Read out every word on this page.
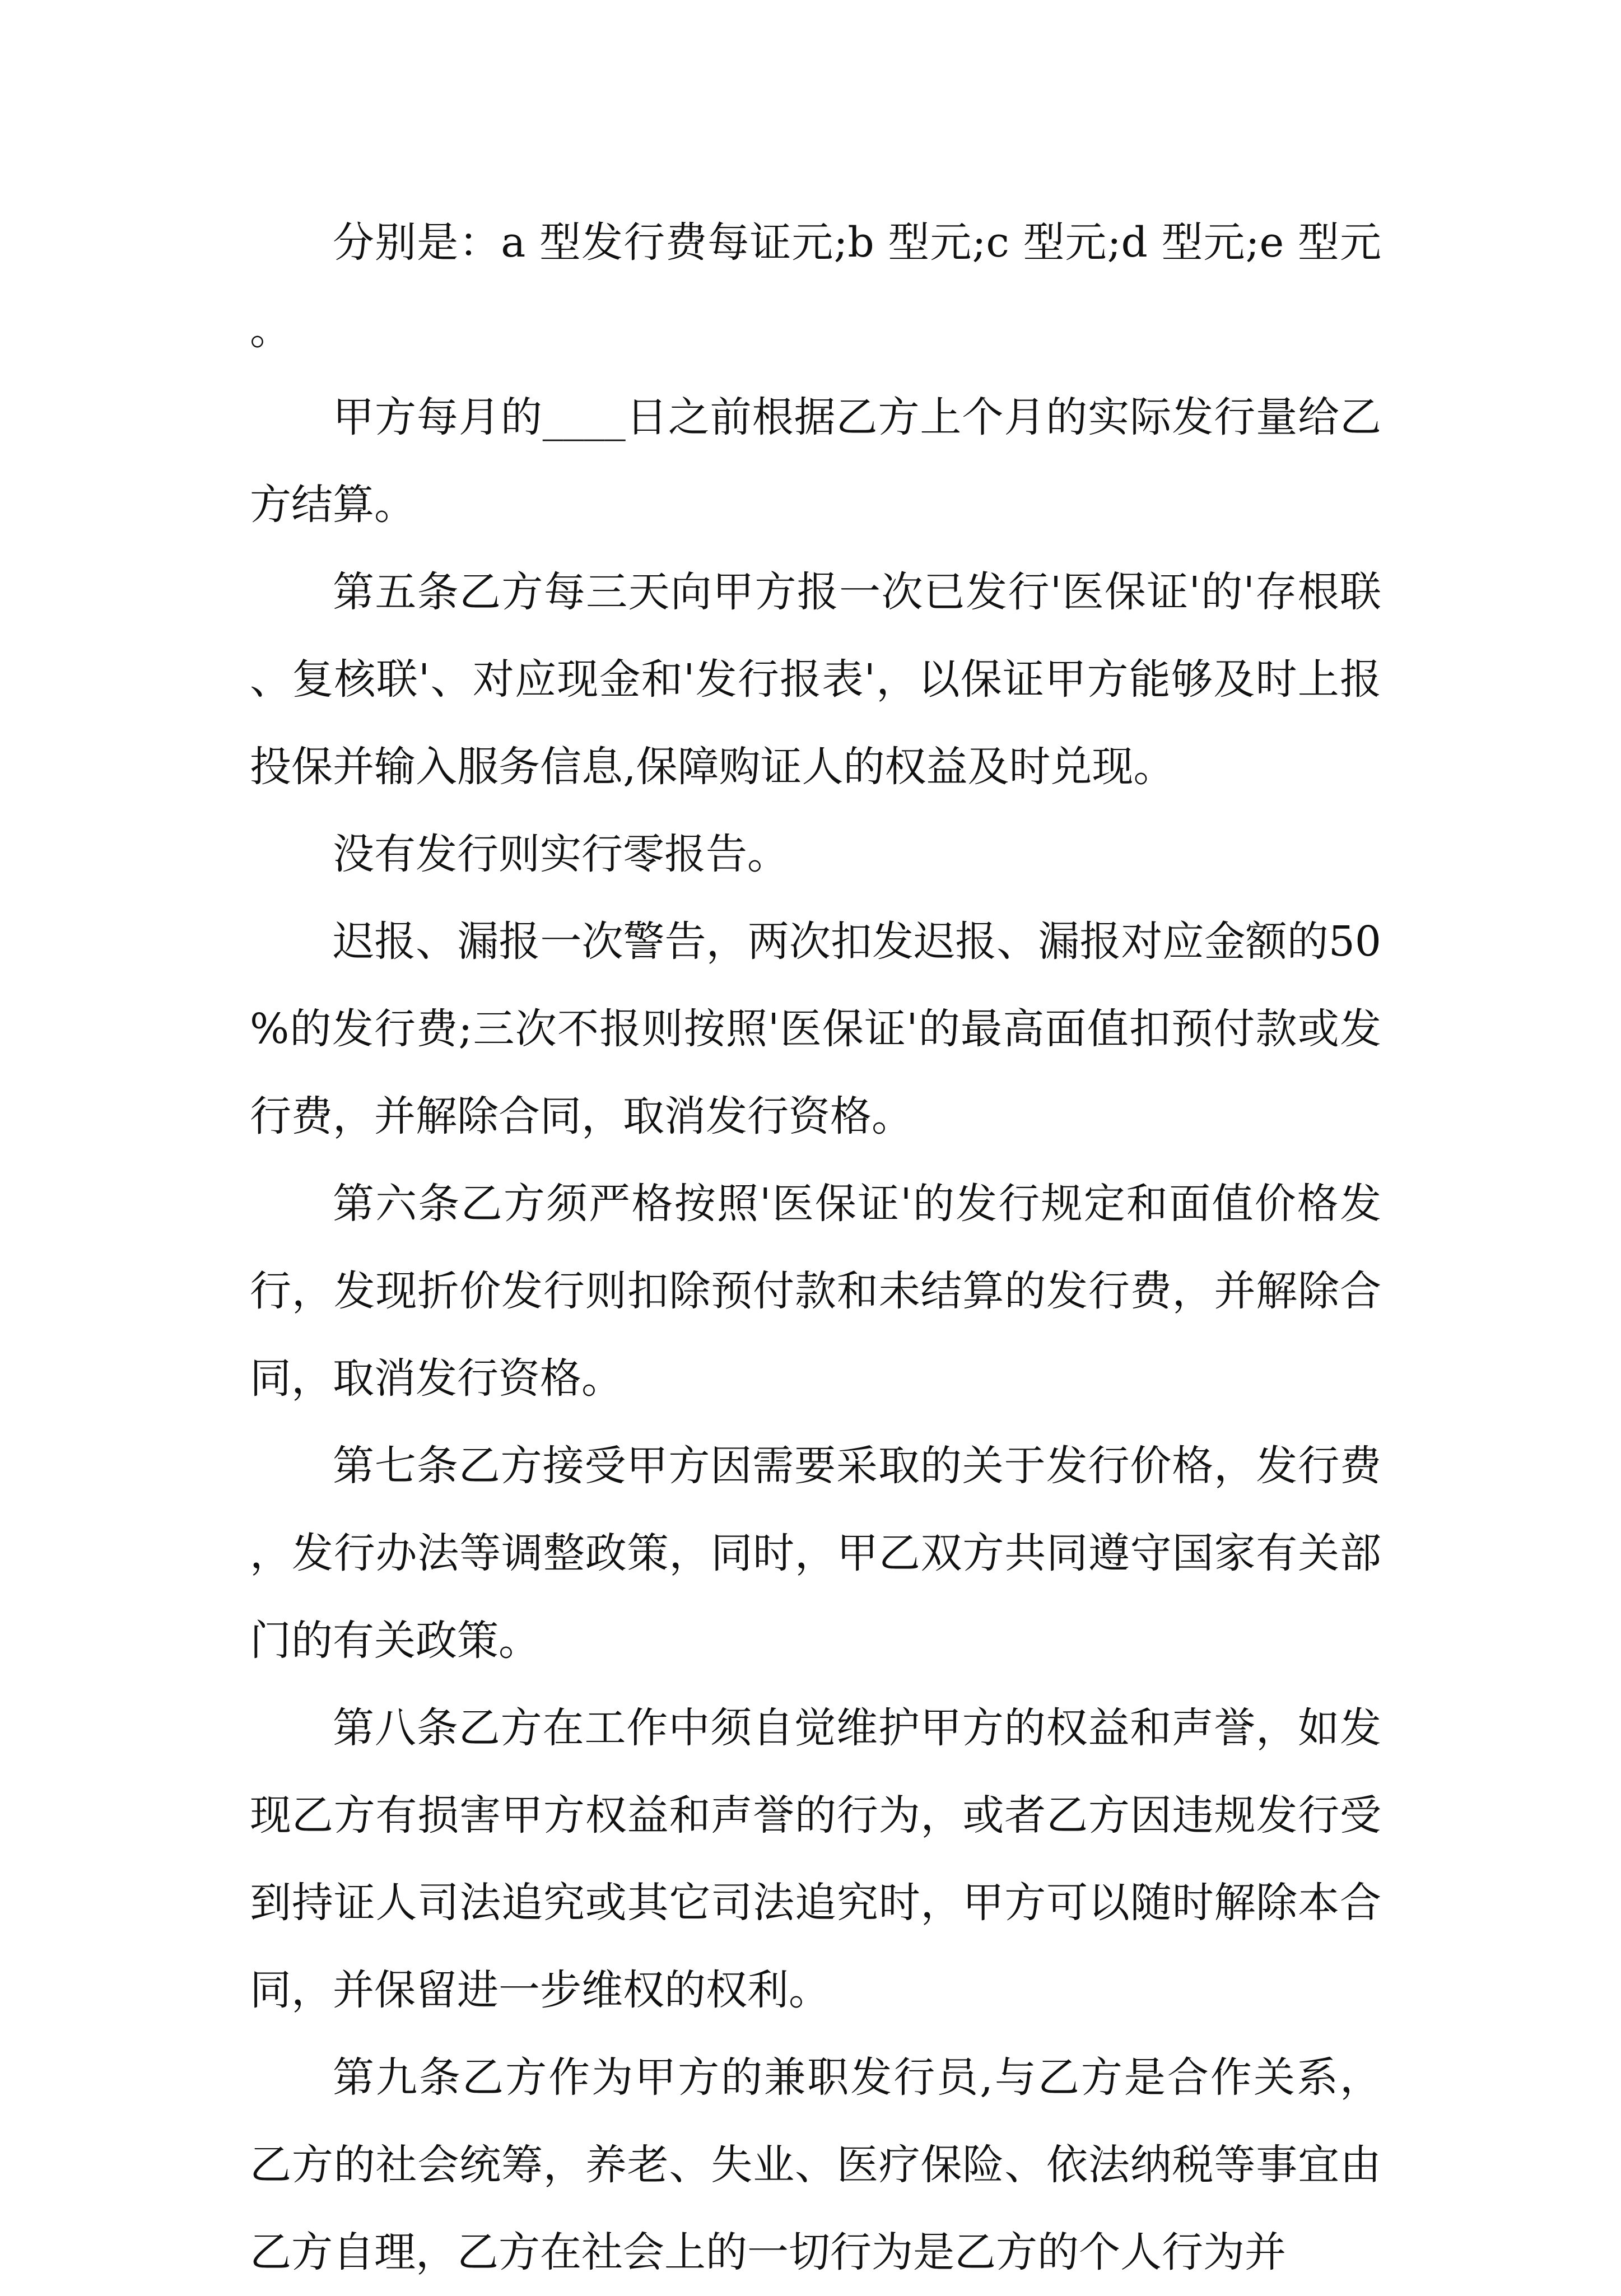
分别是：a 型发行费每证元;b 型元;c 型元;d 型元;e 型元。

甲方每月的____日之前根据乙方上个月的实际发行量给乙方结算。

第五条乙方每三天向甲方报一次已发行'医保证'的'存根联、复核联'、对应现金和'发行报表'，以保证甲方能够及时上报投保并输入服务信息,保障购证人的权益及时兑现。

没有发行则实行零报告。

迟报、漏报一次警告，两次扣发迟报、漏报对应金额的50%的发行费;三次不报则按照'医保证'的最高面值扣预付款或发行费，并解除合同，取消发行资格。

第六条乙方须严格按照'医保证'的发行规定和面值价格发行，发现折价发行则扣除预付款和未结算的发行费，并解除合同，取消发行资格。

第七条乙方接受甲方因需要采取的关于发行价格，发行费，发行办法等调整政策，同时，甲乙双方共同遵守国家有关部门的有关政策。

第八条乙方在工作中须自觉维护甲方的权益和声誉，如发现乙方有损害甲方权益和声誉的行为，或者乙方因违规发行受到持证人司法追究或其它司法追究时，甲方可以随时解除本合同，并保留进一步维权的权利。

第九条乙方作为甲方的兼职发行员,与乙方是合作关系，乙方的社会统筹，养老、失业、医疗保险、依法纳税等事宜由乙方自理，乙方在社会上的一切行为是乙方的个人行为并
